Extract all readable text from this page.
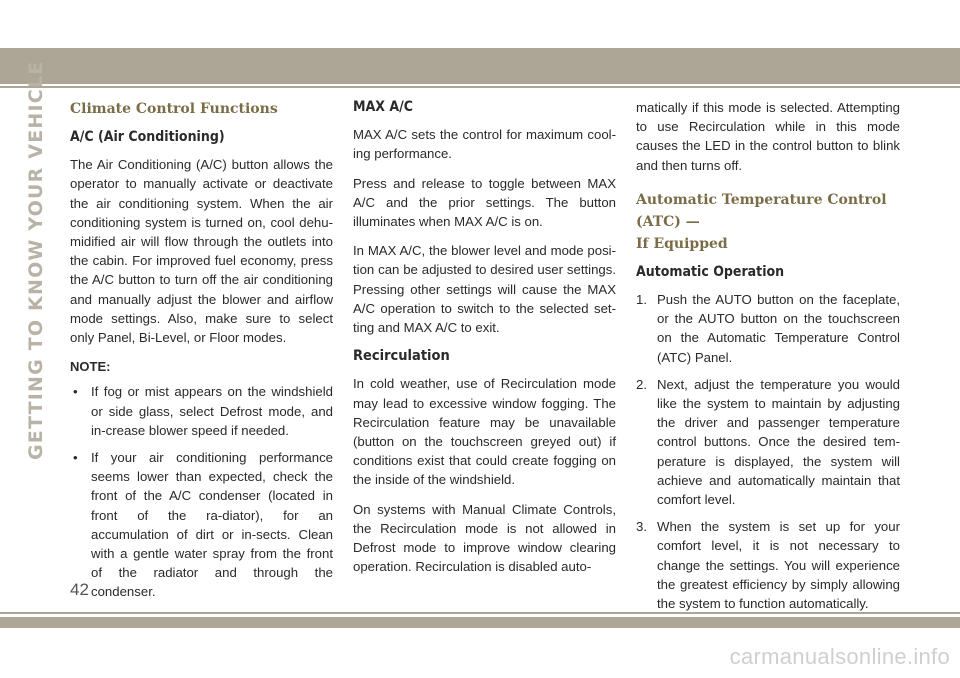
GETTING TO KNOW YOUR VEHICLE Climate Control Functions
A/C (Air Conditioning)

The Air Conditioning (A/C) button allows the operator to manually activate or deactivate the air conditioning system. When the air conditioning system is turned on, cool dehu-midified air will flow through the outlets into the cabin. For improved fuel economy, press the A/C button to turn off the air conditioning and manually adjust the blower and airflow mode settings. Also, make sure to select only Panel, Bi-Level, or Floor modes.

NOTE:
• If fog or mist appears on the windshield or side glass, select Defrost mode, and in-crease blower speed if needed.
• If your air conditioning performance seems lower than expected, check the front of the A/C condenser (located in front of the ra-diator), for an accumulation of dirt or in-sects. Clean with a gentle water spray from the front of the radiator and through the condenser.
MAX A/C

MAX A/C sets the control for maximum cool-ing performance.

Press and release to toggle between MAX A/C and the prior settings. The button illuminates when MAX A/C is on.

In MAX A/C, the blower level and mode posi-tion can be adjusted to desired user settings. Pressing other settings will cause the MAX A/C operation to switch to the selected set-ting and MAX A/C to exit.

Recirculation

In cold weather, use of Recirculation mode may lead to excessive window fogging. The Recirculation feature may be unavailable (button on the touchscreen greyed out) if conditions exist that could create fogging on the inside of the windshield.

On systems with Manual Climate Controls, the Recirculation mode is not allowed in Defrost mode to improve window clearing operation. Recirculation is disabled auto-

matically if this mode is selected. Attempting to use Recirculation while in this mode causes the LED in the control button to blink and then turns off.

Automatic Temperature Control (ATC) —
If Equipped
Automatic Operation
1. Push the AUTO button on the faceplate, or the AUTO button on the touchscreen on the Automatic Temperature Control (ATC) Panel.
2. Next, adjust the temperature you would like the system to maintain by adjusting the driver and passenger temperature control buttons. Once the desired tem-perature is displayed, the system will achieve and automatically maintain that comfort level.
3. When the system is set up for your comfort level, it is not necessary to change the settings. You will experience the greatest efficiency by simply allowing the system to function automatically.
42
carmanualsonline.info
